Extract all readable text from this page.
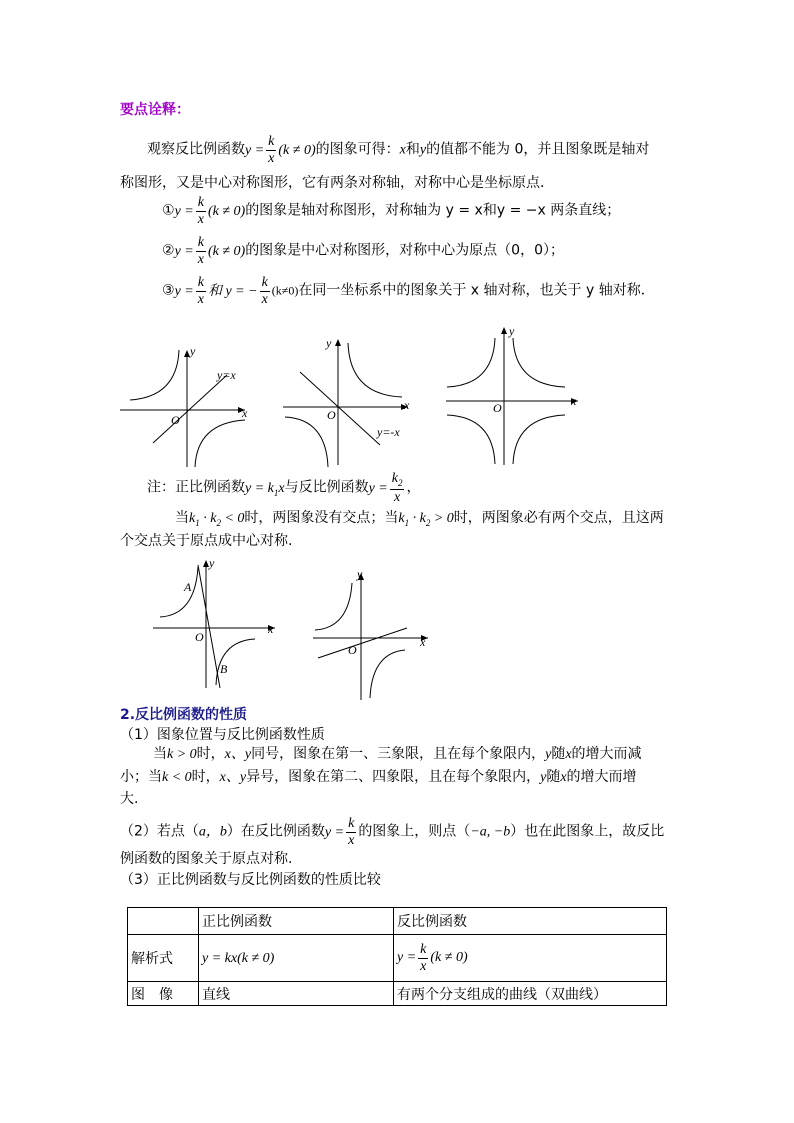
要点诠释：
观察反比例函数$y = \frac{k}{x} (k \ne 0)$的图象可得：x和y的值都不能为 0，并且图象既是轴对
称图形，又是中心对称图形，它有两条对称轴，对称中心是坐标原点．
①y = $\frac{k}{x} (k \ne 0)$的图象是轴对称图形，对称轴为 y = x和y = −x 两条直线；
②y = $\frac{k}{x} (k \ne 0)$的图象是中心对称图形，对称中心为原点（0，0）；
③y = $\frac{k}{x}$ 和 y = − $\frac{k}{x} (k\ne 0)$在同一坐标系中的图象关于 x 轴对称，也关于 y 轴对称．
y
x
O
y=x
y
x
O
y=-x
y
x
O
注：正比例函数$y = k_1x$与反比例函数$y = \frac{k_2}{x}$ ，
当$k_1 \cdot k_2 < 0$时，两图象没有交点；当$k_1 \cdot k_2 > 0$时，两图象必有两个交点，且这两
个交点关于原点成中心对称.
y
x
O
A
B
y
x
O
2.反比例函数的性质
（1）图象位置与反比例函数性质
当k > 0时，x、y同号，图象在第一、三象限，且在每个象限内，y随x的增大而减
小；当k < 0时，x、y异号，图象在第二、四象限，且在每个象限内，y随x的增大而增
大.
（2）若点（a，b）在反比例函数$y = \frac{k}{x}$ 的图象上，则点（−a, −b）也在此图象上，故反比
例函数的图象关于原点对称.
（3）正比例函数与反比例函数的性质比较
	正比例函数	反比例函数
解析式	y = kx(k ≠ 0)	$y = \frac{k}{x} (k \ne 0)$
图　像	直线	有两个分支组成的曲线（双曲线）
